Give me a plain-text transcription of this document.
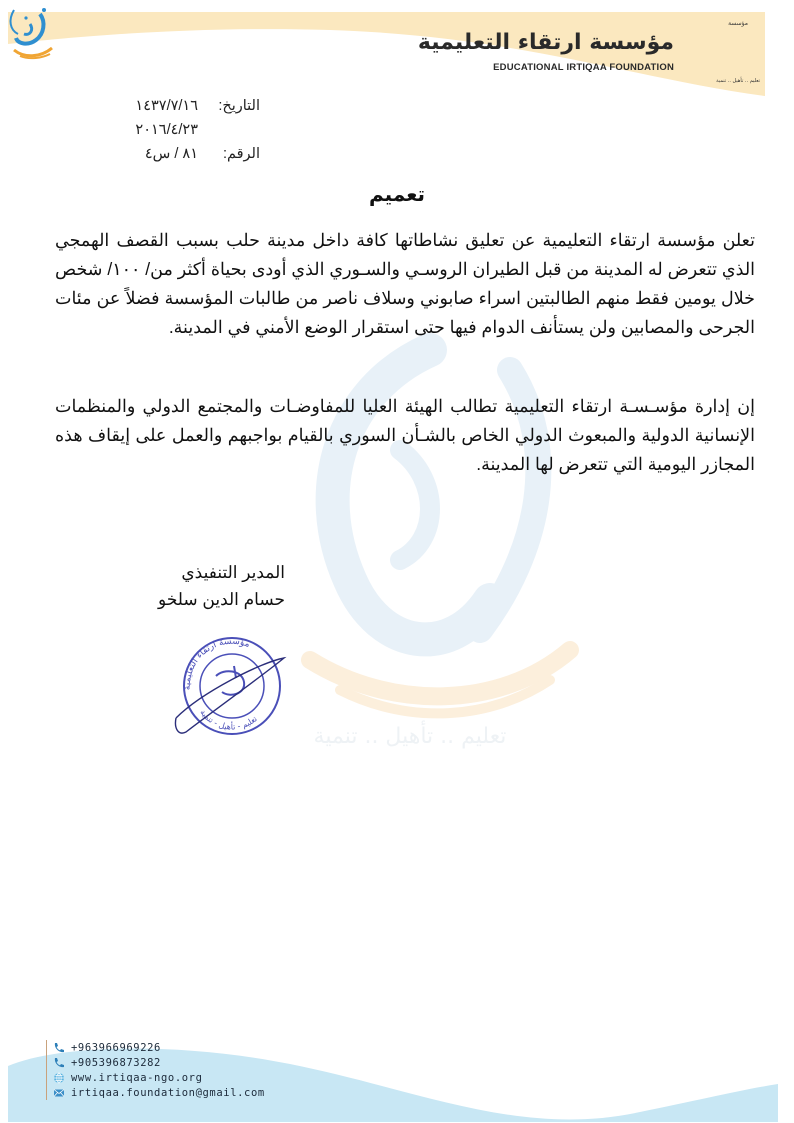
مؤسسة ارتقاء التعليمية
EDUCATIONAL IRTIQAA FOUNDATION
مؤسسة
تعليم .. تأهيل .. تنمية
التاريخ:
١٤٣٧/٧/١٦
٢٠١٦/٤/٢٣
الرقم:
٨١ / س٤
تعليم .. تأهيل .. تنمية
تعميم

تعلن مؤسسة ارتقاء التعليمية عن تعليق نشاطاتها كافة داخل مدينة حلب بسبب القصف الهمجي الذي تتعرض له المدينة من قبل الطيران الروسـي والسـوري الذي أودى بحياة أكثر من/ ١٠٠/ شخص خلال يومين فقط منهم الطالبتين اسراء صابوني وسلاف ناصر من طالبات المؤسسة فضلاً عن مئات الجرحى والمصابين ولن يستأنف الدوام فيها حتى استقرار الوضع الأمني في المدينة.

إن إدارة مؤسـسـة ارتقاء التعليمية تطالب الهيئة العليا للمفاوضـات والمجتمع الدولي والمنظمات الإنسانية الدولية والمبعوث الدولي الخاص بالشـأن السوري بالقيام بواجبهم والعمل على إيقاف هذه المجازر اليومية التي تتعرض لها المدينة.

المدير التنفيذي
حسام الدين سلخو
مؤسسة ارتقاء التعليمية
تعليم - تأهيل - تنمية
+963966969226
+905396873282
www.irtiqaa-ngo.org
irtiqaa.foundation@gmail.com
